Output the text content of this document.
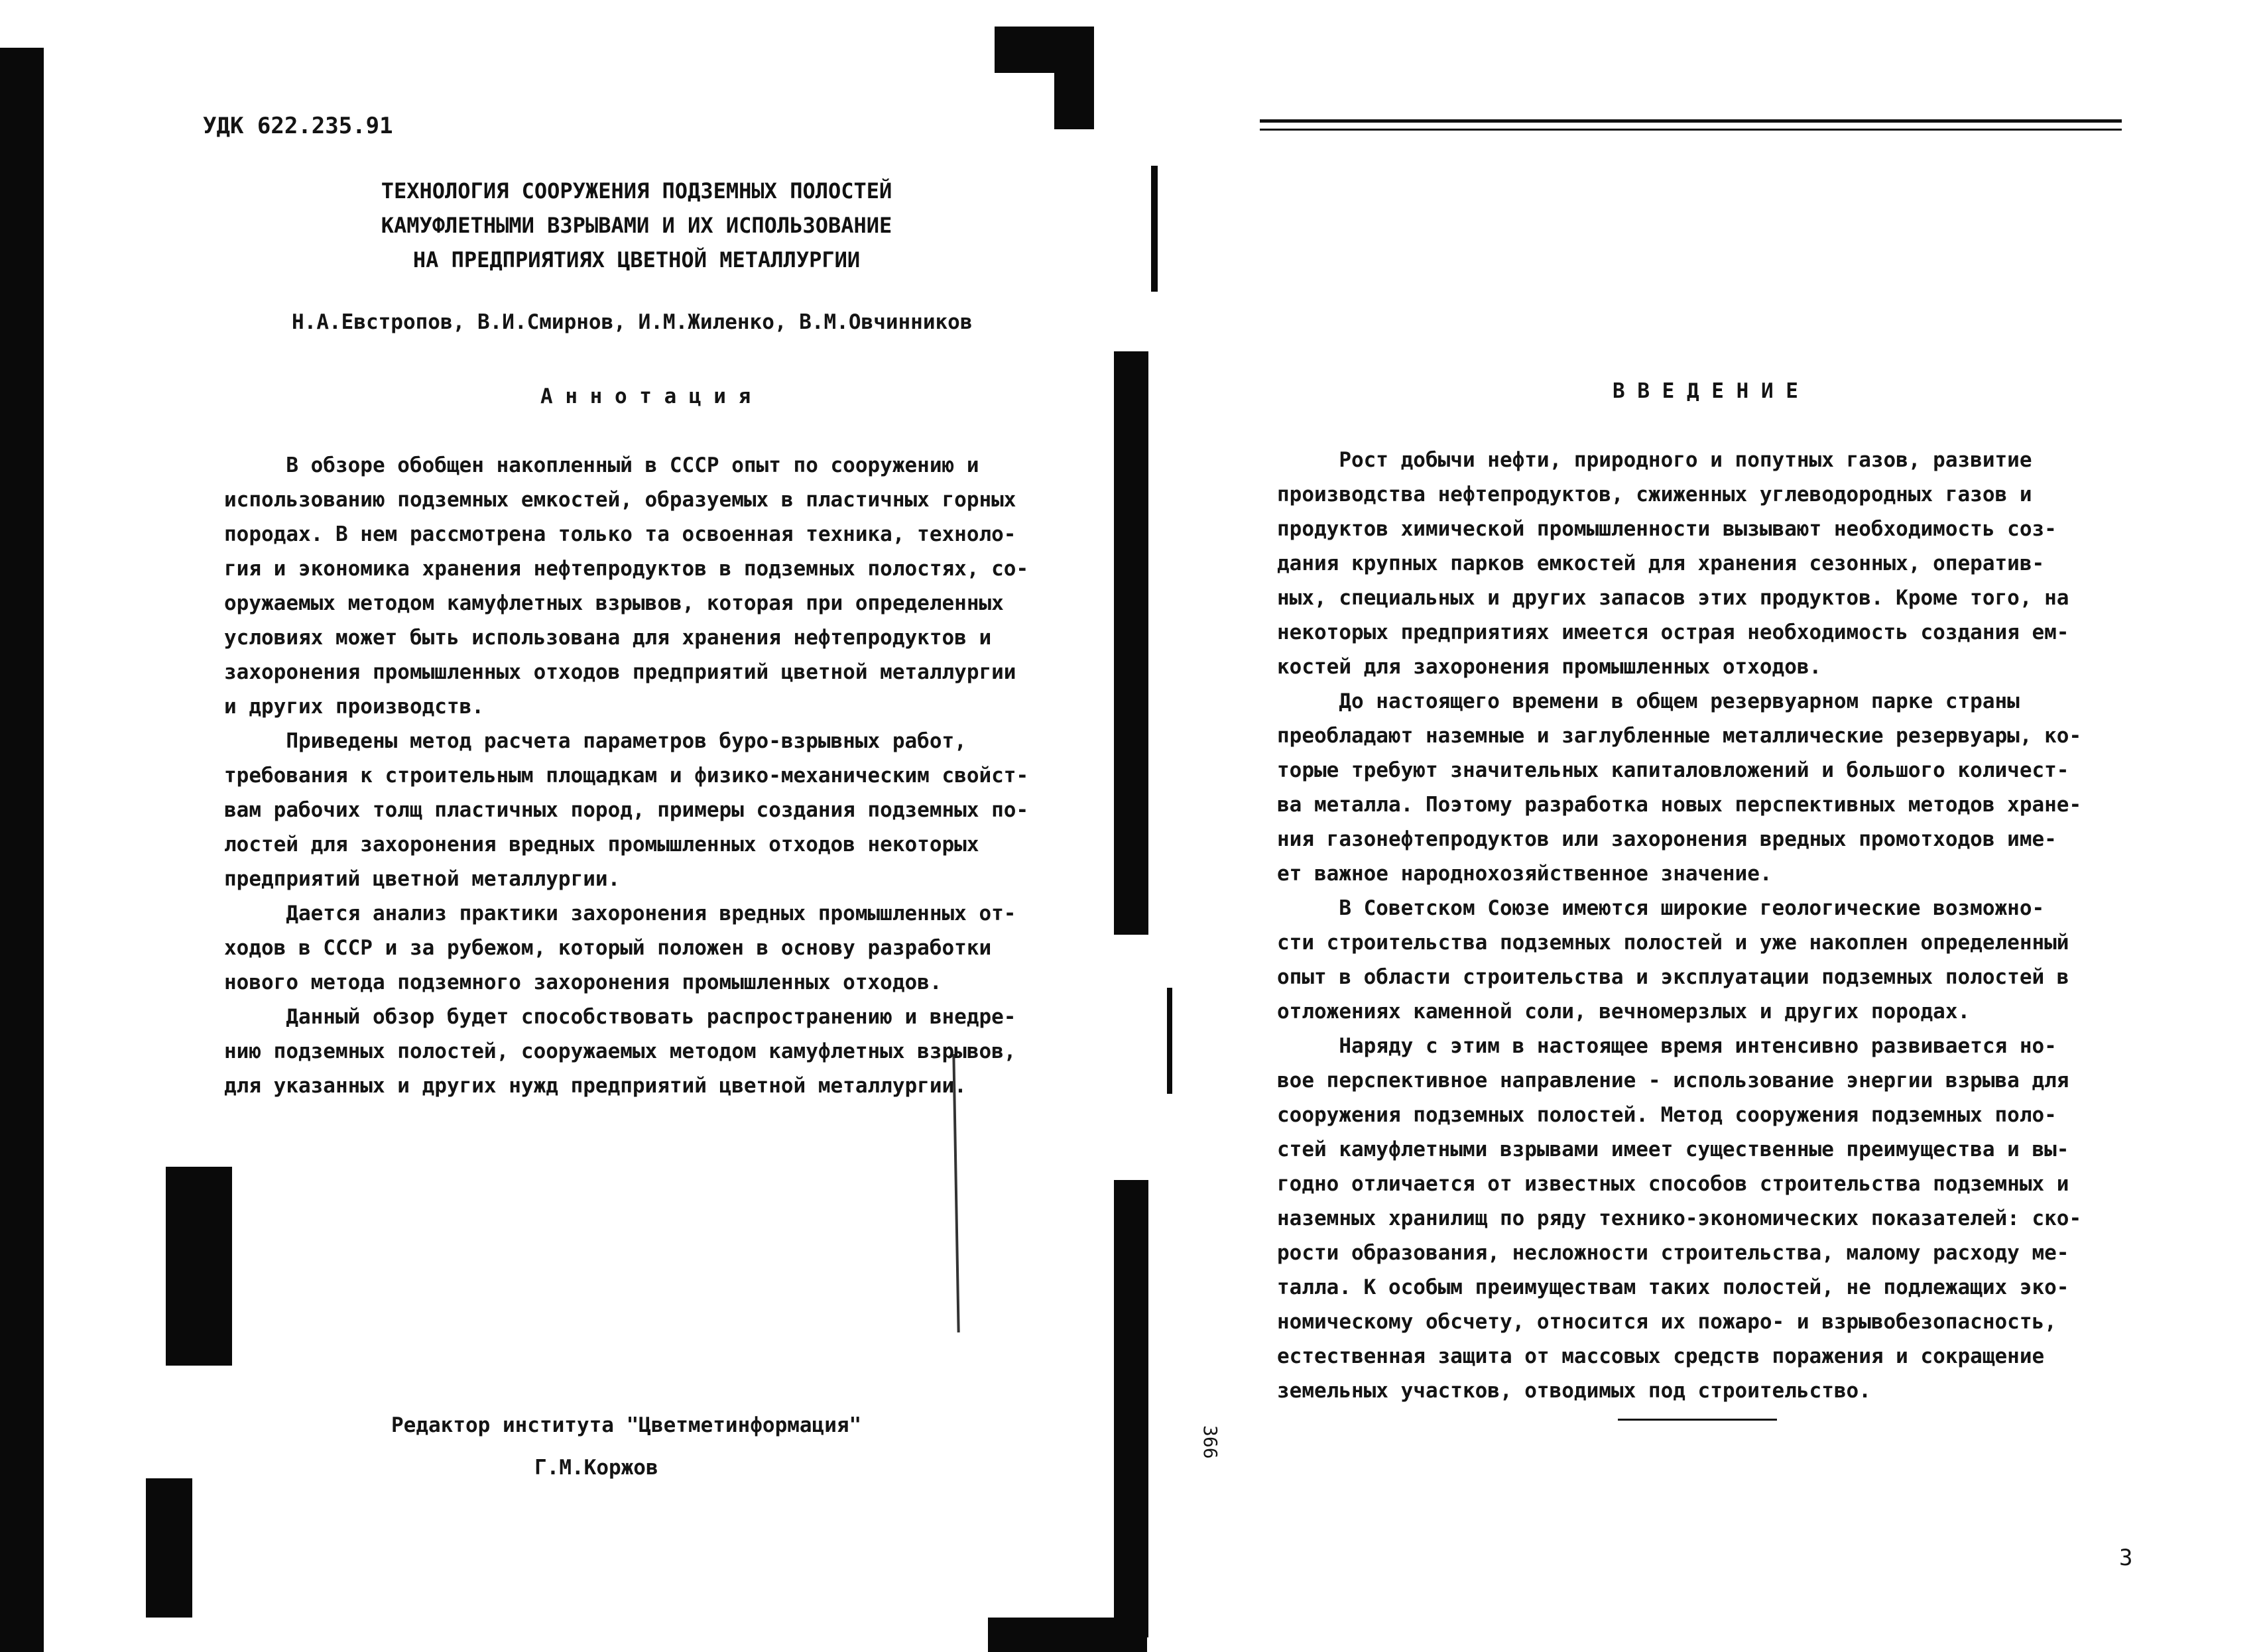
УДК 622.235.91
ТЕХНОЛОГИЯ СООРУЖЕНИЯ ПОДЗЕМНЫХ ПОЛОСТЕЙ
КАМУФЛЕТНЫМИ ВЗРЫВАМИ И ИХ ИСПОЛЬЗОВАНИЕ
НА ПРЕДПРИЯТИЯХ ЦВЕТНОЙ МЕТАЛЛУРГИИ
Н.А.Евстропов, В.И.Смирнов, И.М.Жиленко, В.М.Овчинников
А н н о т а ц и я
В обзоре обобщен накопленный в СССР опыт по сооружению и
использованию подземных емкостей, образуемых в пластичных горных
породах. В нем рассмотрена только та освоенная техника, техноло-
гия и экономика хранения нефтепродуктов в подземных полостях, со-
оружаемых методом камуфлетных взрывов, которая при определенных
условиях может быть использована для хранения нефтепродуктов и
захоронения промышленных отходов предприятий цветной металлургии
и других производств.
Приведены метод расчета параметров буро-взрывных работ,
требования к строительным площадкам и физико-механическим свойст-
вам рабочих толщ пластичных пород, примеры создания подземных по-
лостей для захоронения вредных промышленных отходов некоторых
предприятий цветной металлургии.
Дается анализ практики захоронения вредных промышленных от-
ходов в СССР и за рубежом, который положен в основу разработки
нового метода подземного захоронения промышленных отходов.
Данный обзор будет способствовать распространению и внедре-
нию подземных полостей, сооружаемых методом камуфлетных взрывов,
для указанных и других нужд предприятий цветной металлургии.
Редактор института "Цветметинформация"
Г.М.Коржов
366
В В Е Д Е Н И Е
Рост добычи нефти, природного и попутных газов, развитие
производства нефтепродуктов, сжиженных углеводородных газов и
продуктов химической промышленности вызывают необходимость соз-
дания крупных парков емкостей для хранения сезонных, оператив-
ных, специальных и других запасов этих продуктов. Кроме того, на
некоторых предприятиях имеется острая необходимость создания ем-
костей для захоронения промышленных отходов.
До настоящего времени в общем резервуарном парке страны
преобладают наземные и заглубленные металлические резервуары, ко-
торые требуют значительных капиталовложений и большого количест-
ва металла. Поэтому разработка новых перспективных методов хране-
ния газонефтепродуктов или захоронения вредных промотходов име-
ет важное народнохозяйственное значение.
В Советском Союзе имеются широкие геологические возможно-
сти строительства подземных полостей и уже накоплен определенный
опыт в области строительства и эксплуатации подземных полостей в
отложениях каменной соли, вечномерзлых и других породах.
Наряду с этим в настоящее время интенсивно развивается но-
вое перспективное направление - использование энергии взрыва для
сооружения подземных полостей. Метод сооружения подземных поло-
стей камуфлетными взрывами имеет существенные преимущества и вы-
годно отличается от известных способов строительства подземных и
наземных хранилищ по ряду технико-экономических показателей: ско-
рости образования, несложности строительства, малому расходу ме-
талла. К особым преимуществам таких полостей, не подлежащих эко-
номическому обсчету, относится их пожаро- и взрывобезопасность,
естественная защита от массовых средств поражения и сокращение
земельных участков, отводимых под строительство.
3
